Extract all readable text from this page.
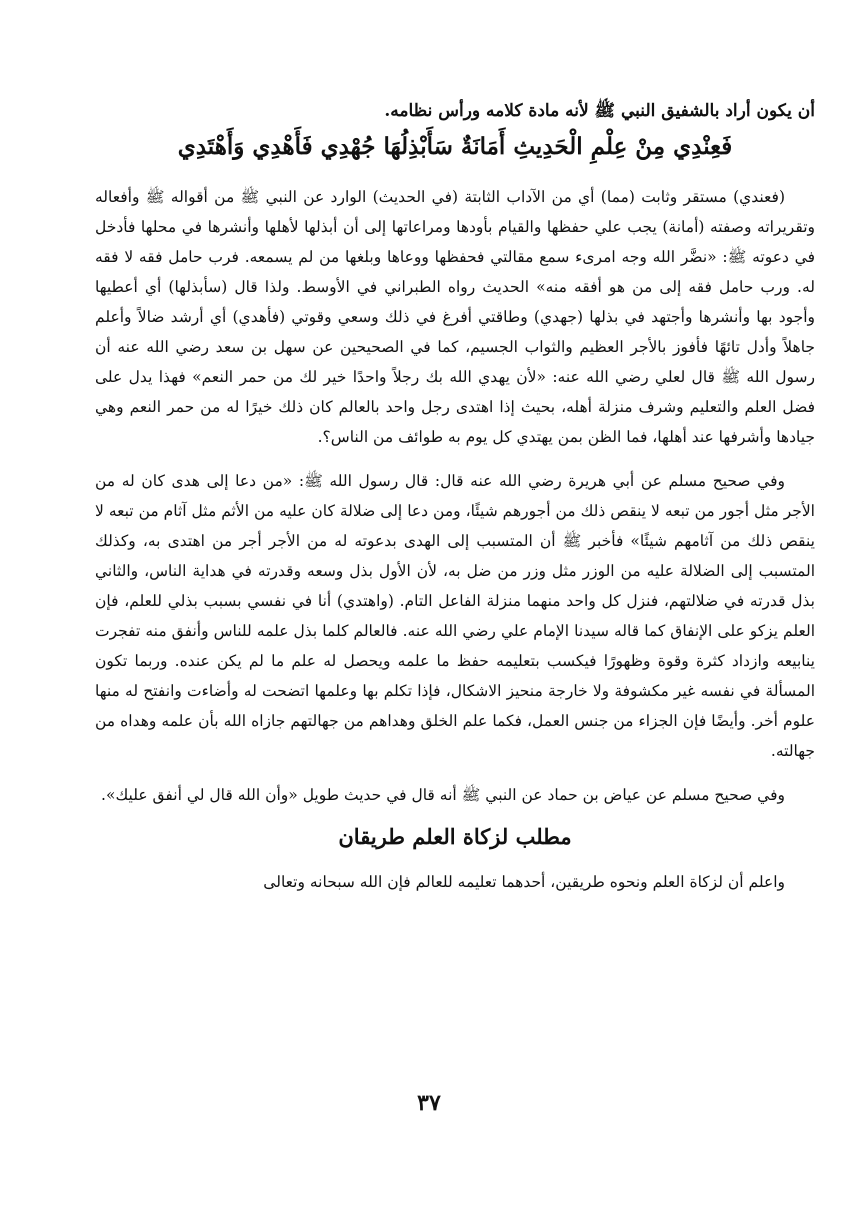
أن يكون أراد بالشفيق النبي ﷺ لأنه مادة كلامه ورأس نظامه.

فَعِنْدِي مِنْ عِلْمِ الْحَدِيثِ أَمَانَةٌ سَأَبْذِلُهَا جُهْدِي فَأَهْدِي وَأَهْتَدِي

(فعندي) مستقر وثابت (مما) أي من الآداب الثابتة (في الحديث) الوارد عن النبي ﷺ من أقواله ﷺ وأفعاله وتقريراته وصفته (أمانة) يجب علي حفظها والقيام بأودها ومراعاتها إلى أن أبذلها لأهلها وأنشرها في محلها فأدخل في دعوته ﷺ: «نضَّر الله وجه امرىء سمع مقالتي فحفظها ووعاها وبلغها من لم يسمعه. فرب حامل فقه لا فقه له. ورب حامل فقه إلى من هو أفقه منه» الحديث رواه الطبراني في الأوسط. ولذا قال (سأبذلها) أي أعطيها وأجود بها وأنشرها وأجتهد في بذلها (جهدي) وطاقتي أفرغ في ذلك وسعي وقوتي (فأهدي) أي أرشد ضالاً وأعلم جاهلاً وأدل تائهًا فأفوز بالأجر العظيم والثواب الجسيم، كما في الصحيحين عن سهل بن سعد رضي الله عنه أن رسول الله ﷺ قال لعلي رضي الله عنه: «لأن يهدي الله بك رجلاً واحدًا خير لك من حمر النعم» فهذا يدل على فضل العلم والتعليم وشرف منزلة أهله، بحيث إذا اهتدى رجل واحد بالعالم كان ذلك خيرًا له من حمر النعم وهي جيادها وأشرفها عند أهلها، فما الظن بمن يهتدي كل يوم به طوائف من الناس؟.

وفي صحيح مسلم عن أبي هريرة رضي الله عنه قال: قال رسول الله ﷺ: «من دعا إلى هدى كان له من الأجر مثل أجور من تبعه لا ينقص ذلك من أجورهم شيئًا، ومن دعا إلى ضلالة كان عليه من الأثم مثل آثام من تبعه لا ينقص ذلك من آثامهم شيئًا» فأخبر ﷺ أن المتسبب إلى الهدى بدعوته له من الأجر أجر من اهتدى به، وكذلك المتسبب إلى الضلالة عليه من الوزر مثل وزر من ضل به، لأن الأول بذل وسعه وقدرته في هداية الناس، والثاني بذل قدرته في ضلالتهم، فنزل كل واحد منهما منزلة الفاعل التام. (واهتدي) أنا في نفسي بسبب بذلي للعلم، فإن العلم يزكو على الإنفاق كما قاله سيدنا الإمام علي رضي الله عنه. فالعالم كلما بذل علمه للناس وأنفق منه تفجرت ينابيعه وازداد كثرة وقوة وظهورًا فيكسب بتعليمه حفظ ما علمه ويحصل له علم ما لم يكن عنده. وربما تكون المسألة في نفسه غير مكشوفة ولا خارجة منحيز الاشكال، فإذا تكلم بها وعلمها اتضحت له وأضاءت وانفتح له منها علوم أخر. وأيضًا فإن الجزاء من جنس العمل، فكما علم الخلق وهداهم من جهالتهم جازاه الله بأن علمه وهداه من جهالته.

وفي صحيح مسلم عن عياض بن حماد عن النبي ﷺ أنه قال في حديث طويل «وأن الله قال لي أنفق عليك».

مطلب لزكاة العلم طريقان

واعلم أن لزكاة العلم ونحوه طريقين، أحدهما تعليمه للعالم فإن الله سبحانه وتعالى

٣٧
